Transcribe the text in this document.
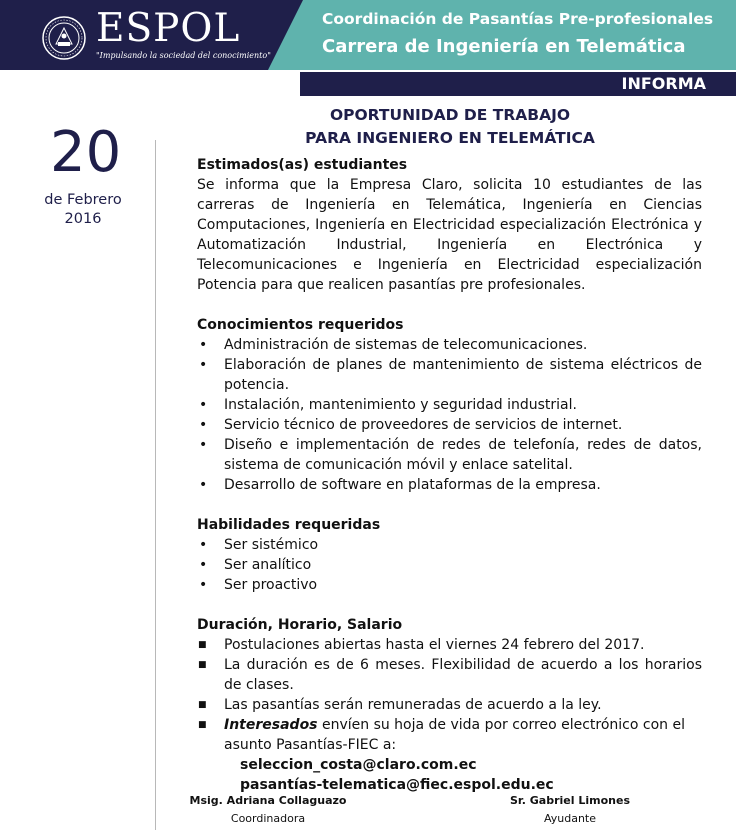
ESPOL
"Impulsando la sociedad del conocimiento"
Coordinación de Pasantías Pre-profesionales
Carrera de Ingeniería en Telemática
INFORMA
20
de Febrero
2016
OPORTUNIDAD DE TRABAJO
PARA INGENIERO EN TELEMÁTICA
Estimados(as) estudiantes

Se informa que la Empresa Claro, solicita 10 estudiantes de las carreras de Ingeniería en Telemática, Ingeniería en Ciencias Computaciones, Ingeniería en Electricidad especialización Electrónica y Automatización Industrial, Ingeniería en Electrónica y Telecomunicaciones e Ingeniería en Electricidad especialización Potencia para que realicen pasantías pre profesionales.

Conocimientos requeridos
• Administración de sistemas de telecomunicaciones.
• Elaboración de planes de mantenimiento de sistema eléctricos de potencia.
• Instalación, mantenimiento y seguridad industrial.
• Servicio técnico de proveedores de servicios de internet.
• Diseño e implementación de redes de telefonía, redes de datos, sistema de comunicación móvil y enlace satelital.
• Desarrollo de software en plataformas de la empresa.
Habilidades requeridas
• Ser sistémico
• Ser analítico
• Ser proactivo
Duración, Horario, Salario
■ Postulaciones abiertas hasta el viernes 24 febrero del 2017.
■ La duración es de 6 meses. Flexibilidad de acuerdo a los horarios de clases.
■ Las pasantías serán remuneradas de acuerdo a la ley.
■ Interesados envíen su hoja de vida por correo electrónico con el asunto Pasantías-FIEC a:
seleccion_costa@claro.com.ec
pasantías-telematica@fiec.espol.edu.ec
Msig. Adriana Collaguazo
Coordinadora
Sr. Gabriel Limones
Ayudante
